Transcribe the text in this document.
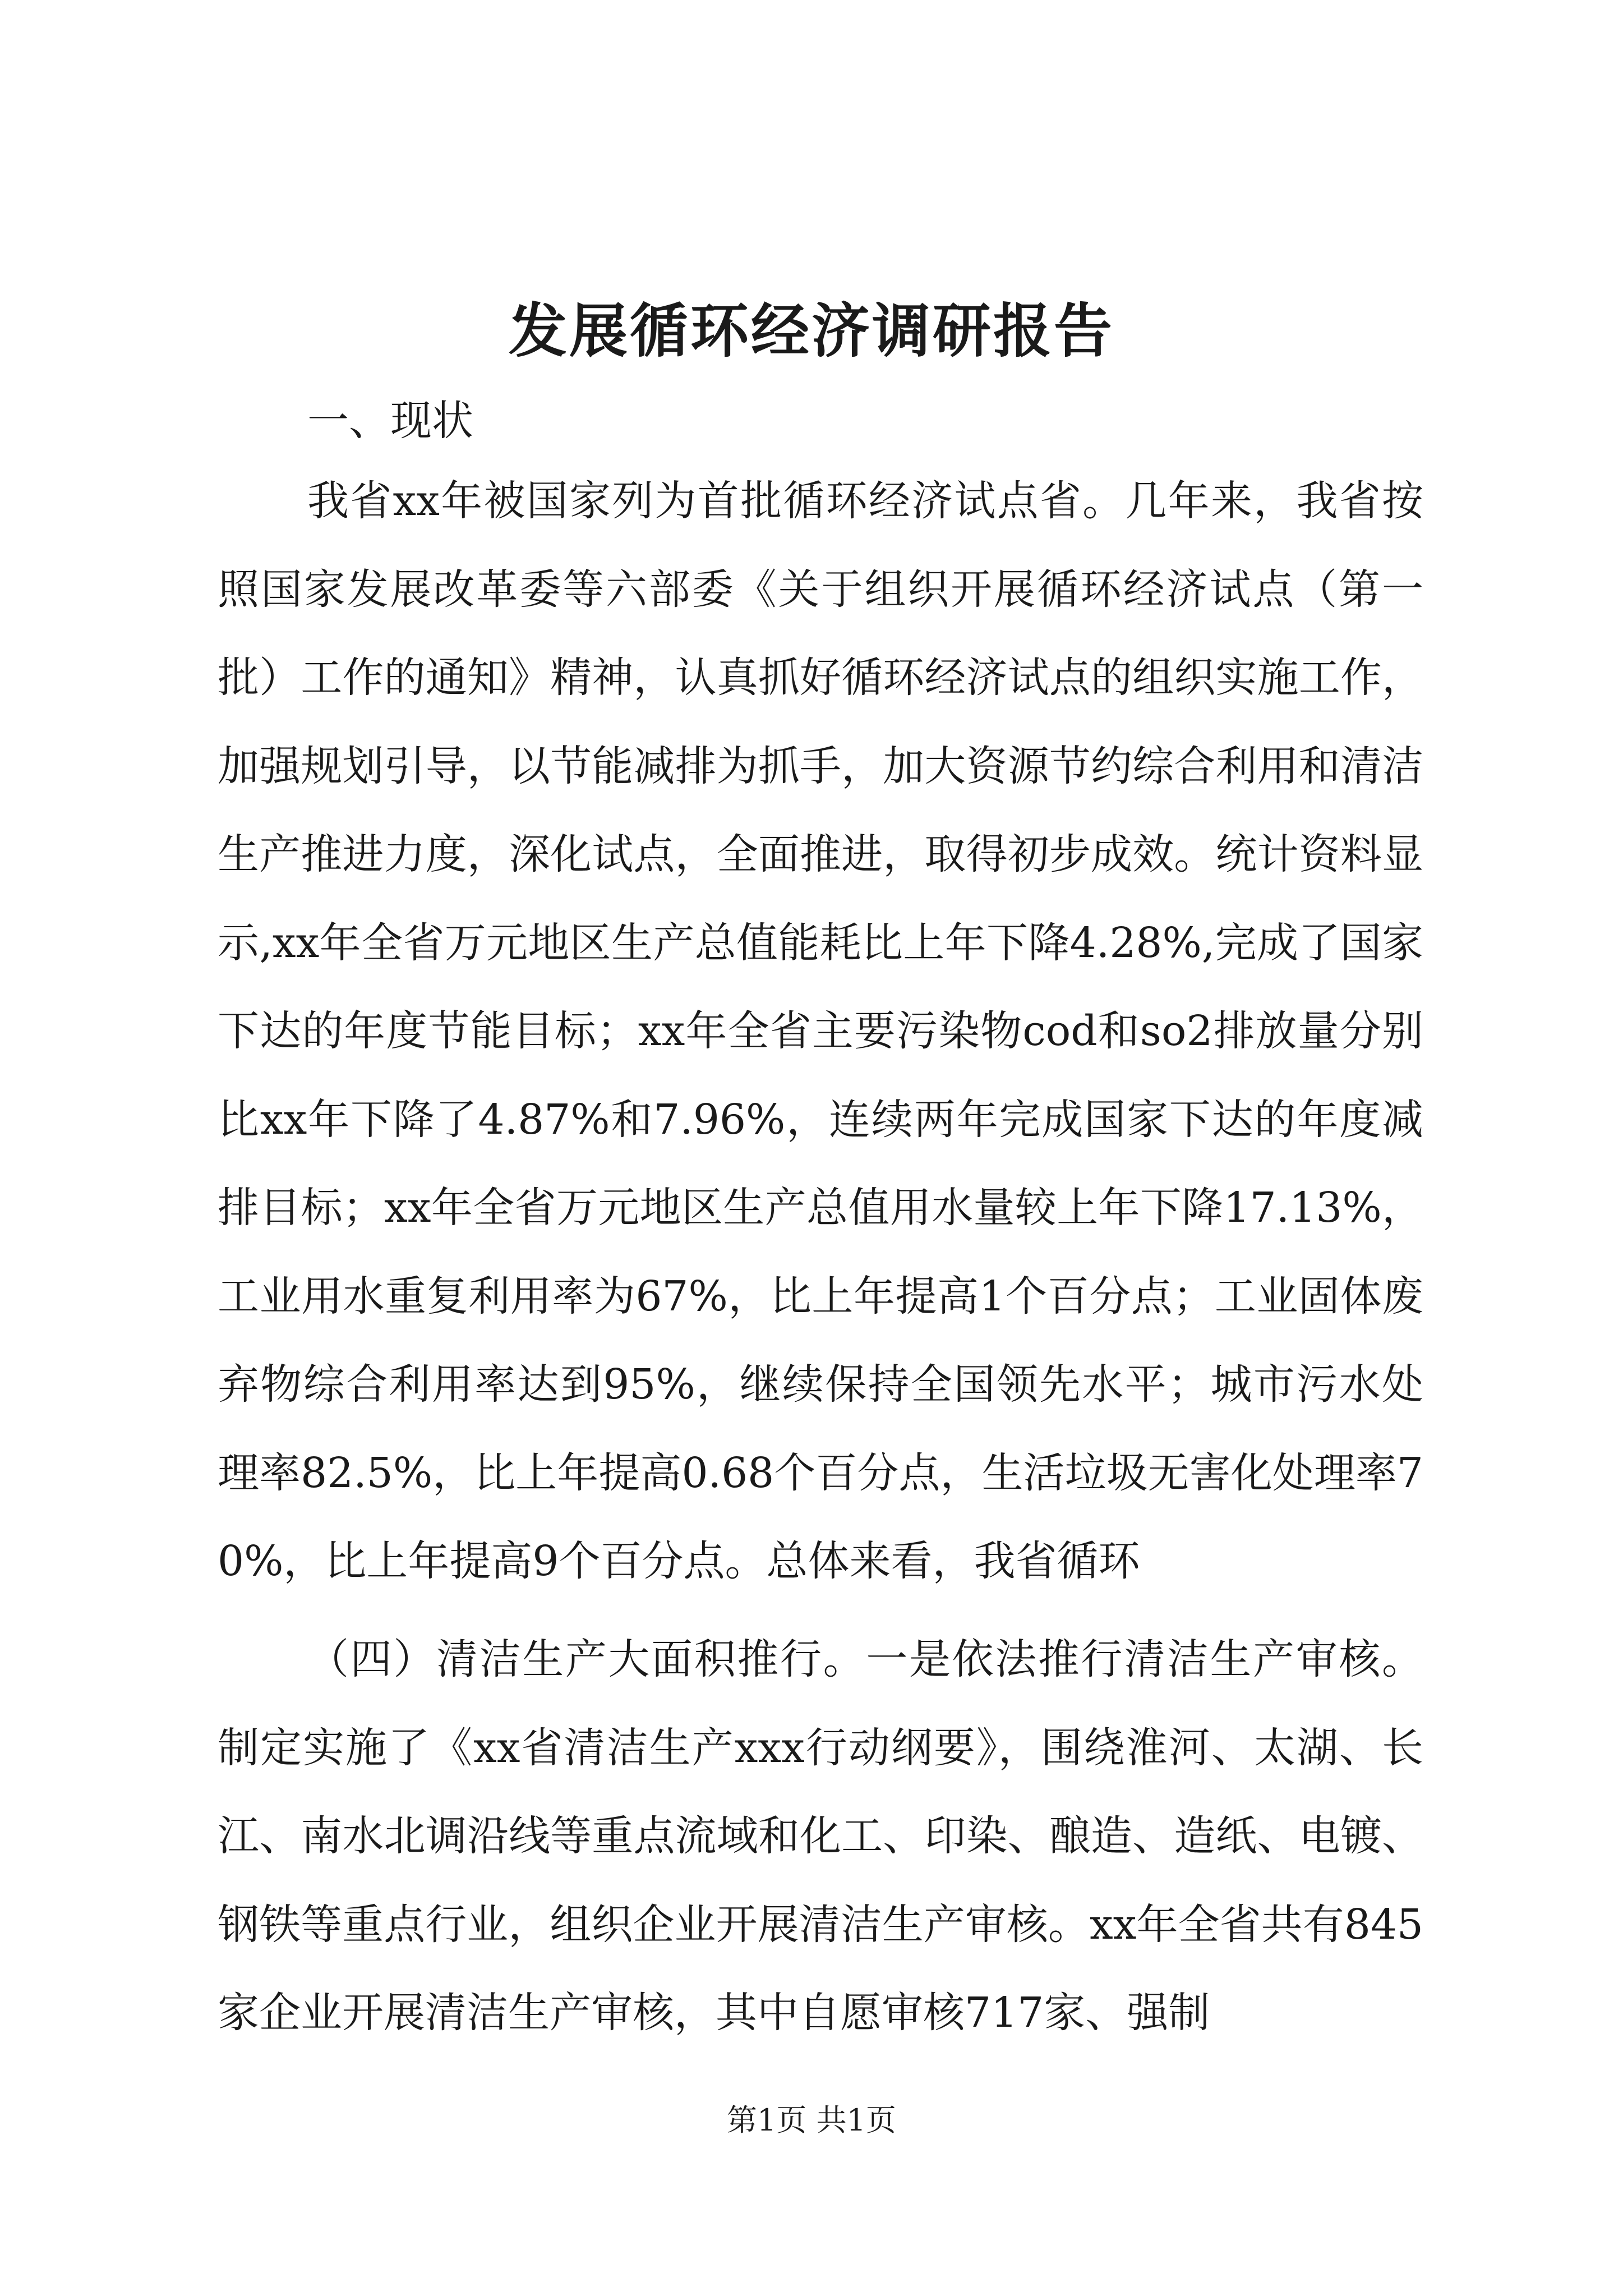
发展循环经济调研报告

一、现状

我省xx年被国家列为首批循环经济试点省。几年来，我省按照国家发展改革委等六部委《关于组织开展循环经济试点（第一批）工作的通知》精神，认真抓好循环经济试点的组织实施工作，加强规划引导，以节能减排为抓手，加大资源节约综合利用和清洁生产推进力度，深化试点，全面推进，取得初步成效。统计资料显示,xx年全省万元地区生产总值能耗比上年下降4.28%,完成了国家下达的年度节能目标；xx年全省主要污染物cod和so2排放量分别比xx年下降了4.87%和7.96%，连续两年完成国家下达的年度减排目标；xx年全省万元地区生产总值用水量较上年下降17.13%，工业用水重复利用率为67%，比上年提高1个百分点；工业固体废弃物综合利用率达到95%，继续保持全国领先水平；城市污水处理率82.5%，比上年提高0.68个百分点，生活垃圾无害化处理率70%，比上年提高9个百分点。总体来看，我省循环

（四）清洁生产大面积推行。一是依法推行清洁生产审核。制定实施了《xx省清洁生产xxx行动纲要》，围绕淮河、太湖、长江、南水北调沿线等重点流域和化工、印染、酿造、造纸、电镀、钢铁等重点行业，组织企业开展清洁生产审核。xx年全省共有845家企业开展清洁生产审核，其中自愿审核717家、强制

第1页 共1页
